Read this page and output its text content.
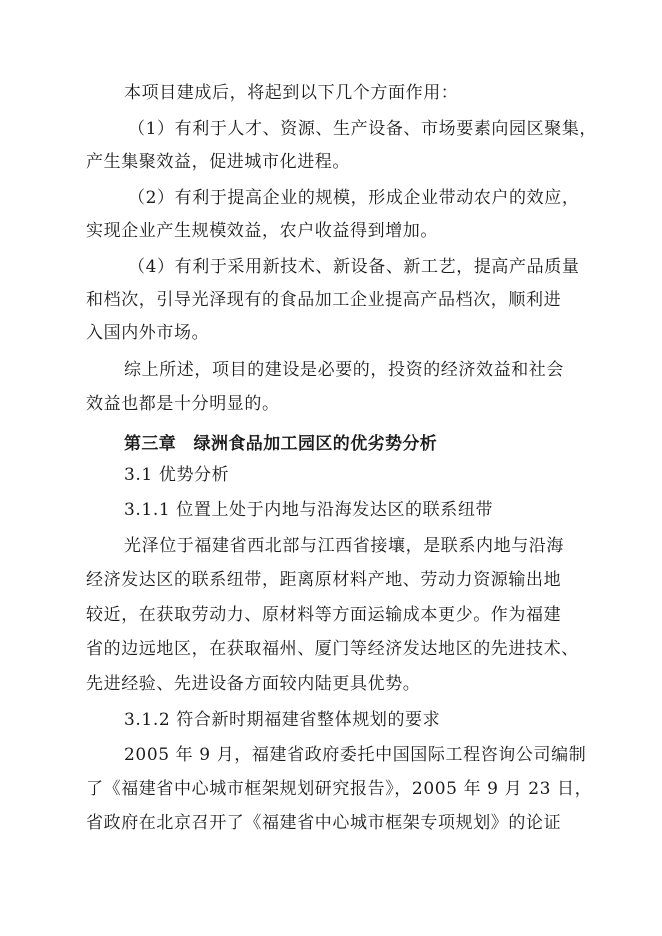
本项目建成后，将起到以下几个方面作用：
（1）有利于人才、资源、生产设备、市场要素向园区聚集，
产生集聚效益，促进城市化进程。
（2）有利于提高企业的规模，形成企业带动农户的效应，
实现企业产生规模效益，农户收益得到增加。
（4）有利于采用新技术、新设备、新工艺，提高产品质量
和档次，引导光泽现有的食品加工企业提高产品档次，顺利进
入国内外市场。
综上所述，项目的建设是必要的，投资的经济效益和社会
效益也都是十分明显的。
第三章　绿洲食品加工园区的优劣势分析
3.1 优势分析
3.1.1 位置上处于内地与沿海发达区的联系纽带
光泽位于福建省西北部与江西省接壤，是联系内地与沿海
经济发达区的联系纽带，距离原材料产地、劳动力资源输出地
较近，在获取劳动力、原材料等方面运输成本更少。作为福建
省的边远地区，在获取福州、厦门等经济发达地区的先进技术、
先进经验、先进设备方面较内陆更具优势。
3.1.2 符合新时期福建省整体规划的要求
2005 年 9 月，福建省政府委托中国国际工程咨询公司编制
了《福建省中心城市框架规划研究报告》，2005 年 9 月 23 日，
省政府在北京召开了《福建省中心城市框架专项规划》的论证
